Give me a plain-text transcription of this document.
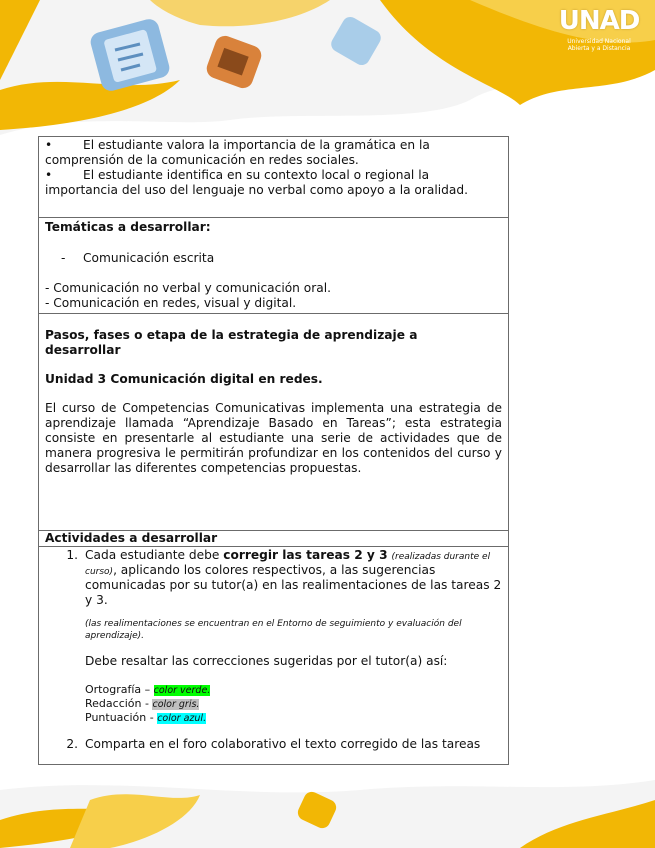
UNAD
Universidad Nacional
Abierta y a Distancia
•	El estudiante valora la importancia de la gramática en la comprensión de la comunicación en redes sociales.
•	El estudiante identifica en su contexto local o regional la importancia del uso del lenguaje no verbal como apoyo a la oralidad.
Temáticas a desarrollar:
-	Comunicación escrita
- Comunicación no verbal y comunicación oral.
- Comunicación en redes, visual y digital.
Pasos, fases o etapa de la estrategia de aprendizaje a desarrollar
Unidad 3 Comunicación digital en redes.
El curso de Competencias Comunicativas implementa una estrategia de aprendizaje llamada “Aprendizaje Basado en Tareas”; esta estrategia consiste en presentarle al estudiante una serie de actividades que de manera progresiva le permitirán profundizar en los contenidos del curso y desarrollar las diferentes competencias propuestas.
Actividades a desarrollar
1. Cada estudiante debe corregir las tareas 2 y 3 (realizadas durante el curso), aplicando los colores respectivos, a las sugerencias comunicadas por su tutor(a) en las realimentaciones de las tareas 2 y 3.
(las realimentaciones se encuentran en el Entorno de seguimiento y evaluación del aprendizaje).
Debe resaltar las correcciones sugeridas por el tutor(a) así:
Ortografía – color verde.
Redacción - color gris.
Puntuación - color azul.
2. Comparta en el foro colaborativo el texto corregido de las tareas
